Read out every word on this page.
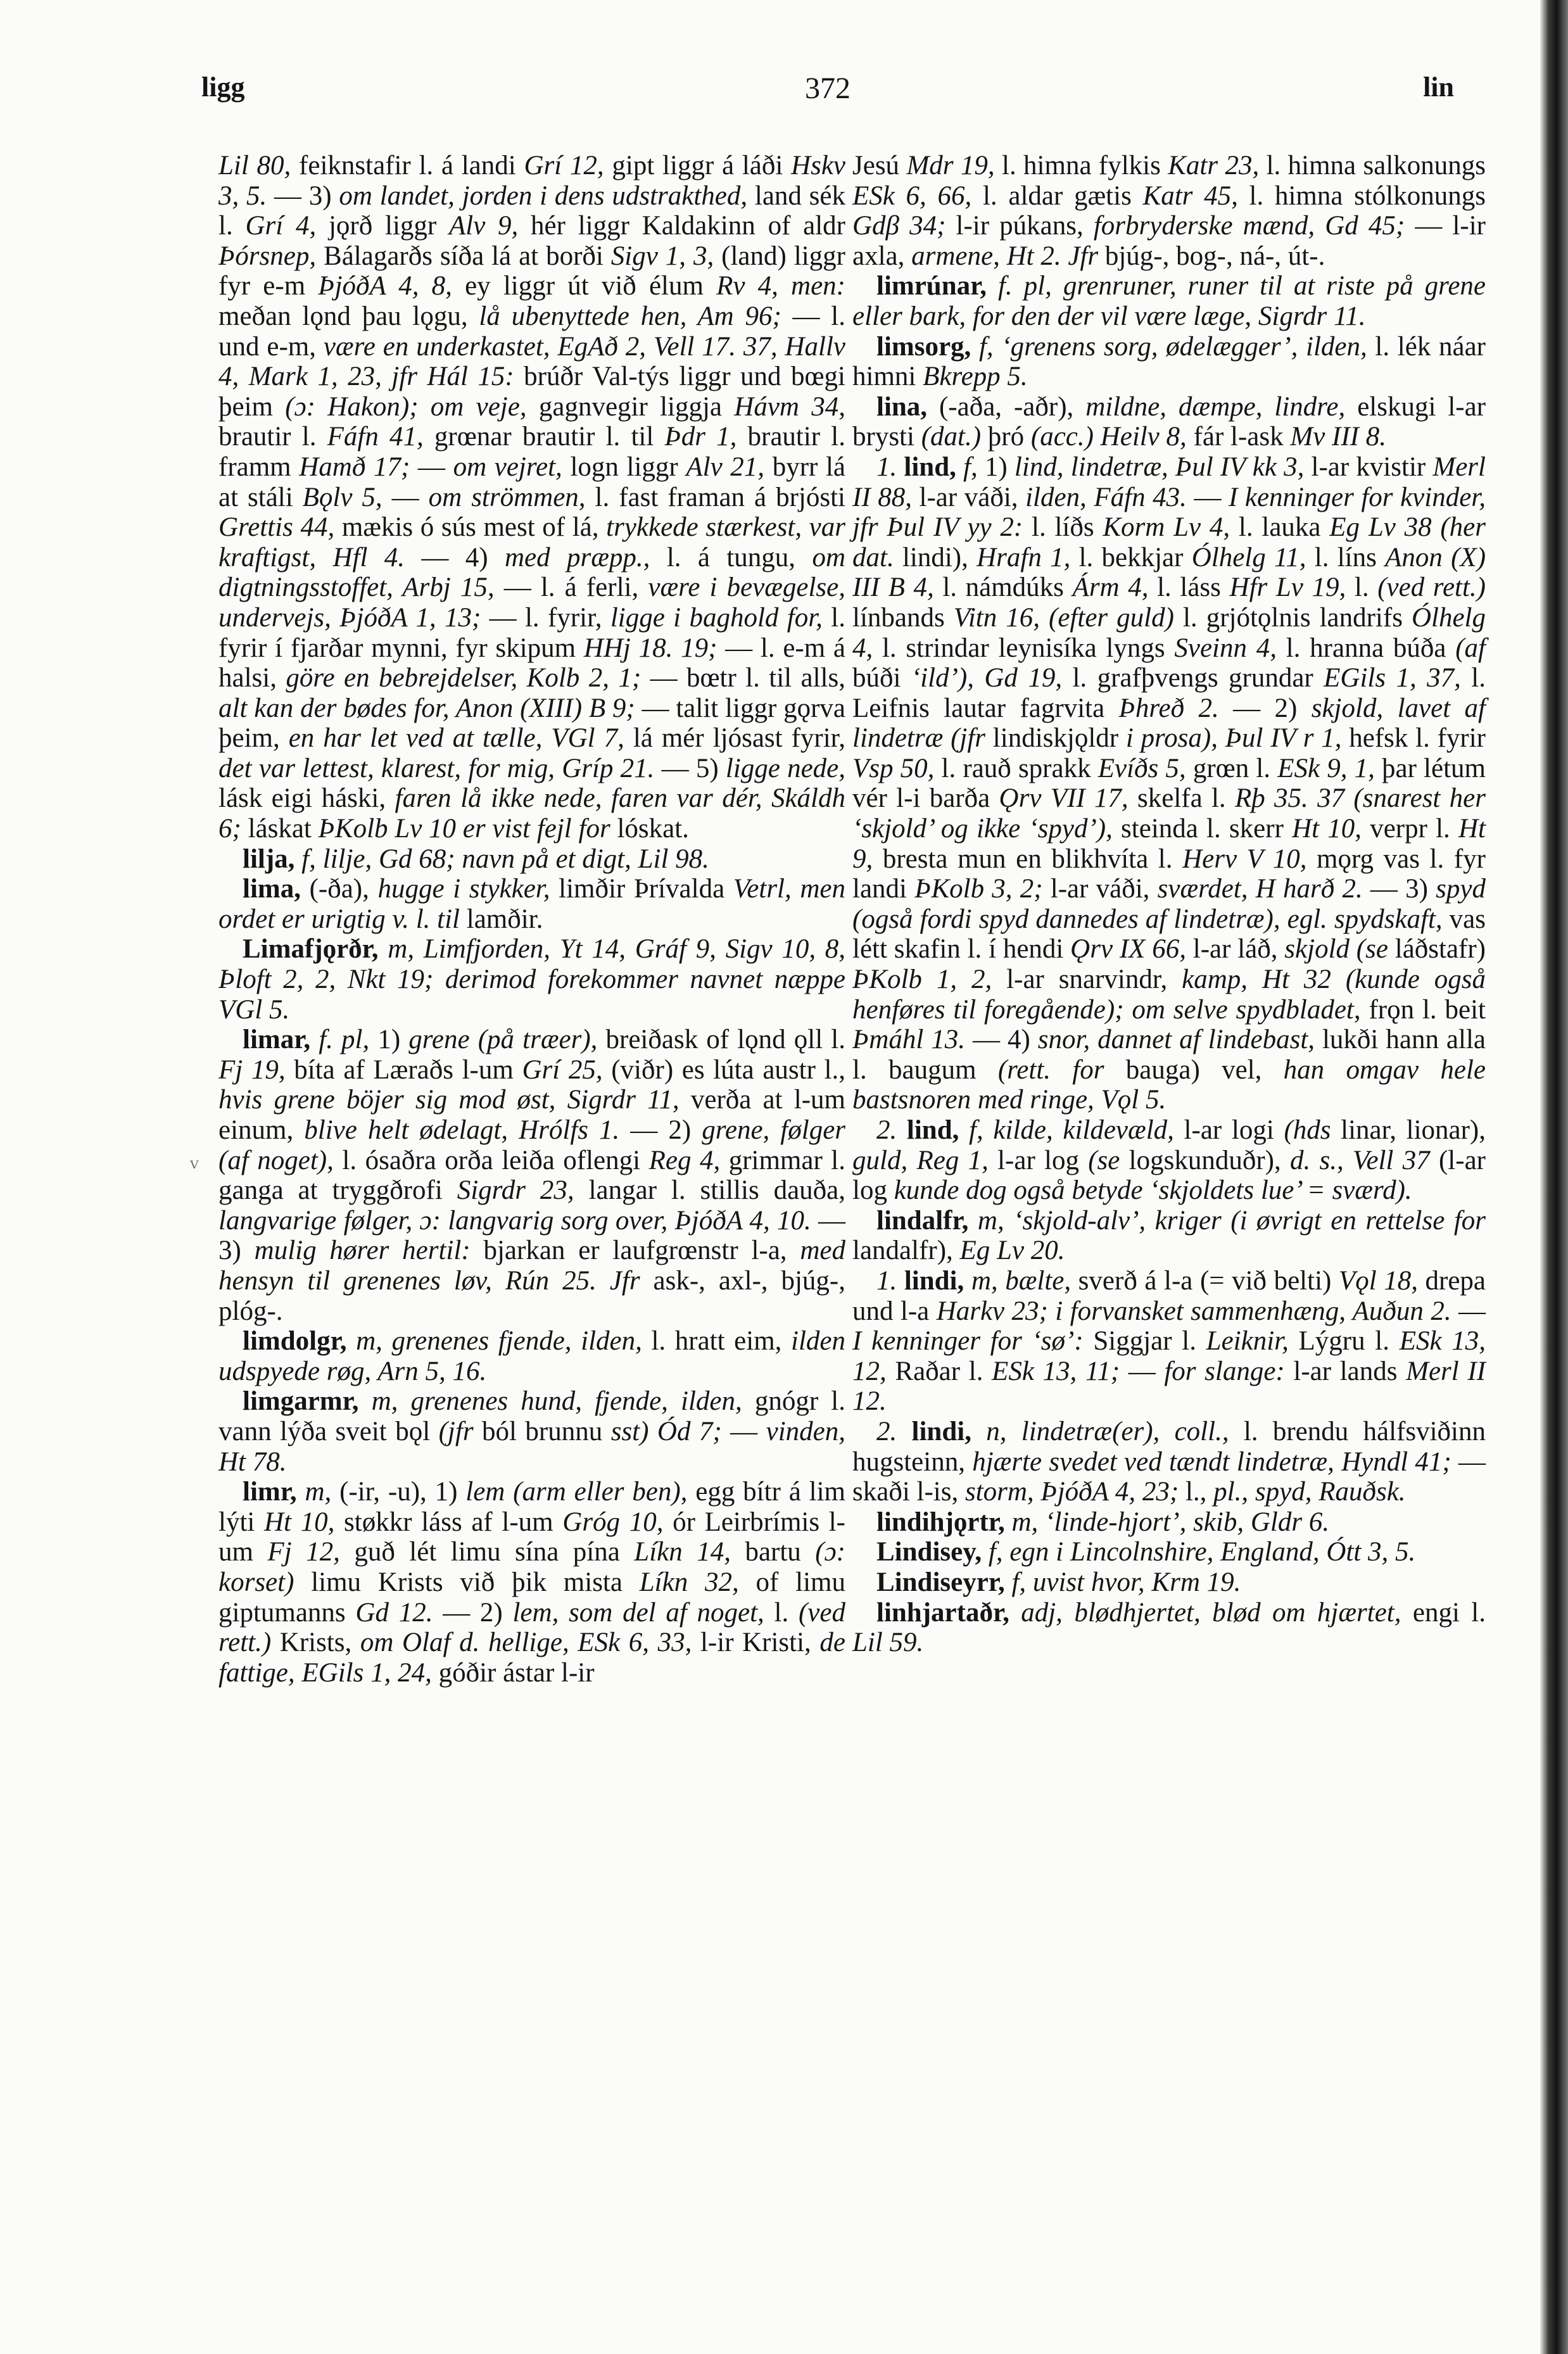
ligg	372	lin
ⱽ

Lil 80, feiknstafir l. á landi Grí 12, gipt liggr á láði Hskv 3, 5. — 3) om landet, jorden i dens udstrakthed, land sék l. Grí 4, jǫrð liggr Alv 9, hér liggr Kaldakinn of aldr Þórsnep, Bálagarðs síða lá at borði Sigv 1, 3, (land) liggr fyr e-m ÞjóðA 4, 8, ey liggr út við élum Rv 4, men: meðan lǫnd þau lǫgu, lå ubenyttede hen, Am 96; — l. und e-m, være en underkastet, EgAð 2, Vell 17. 37, Hallv 4, Mark 1, 23, jfr Hál 15: brúðr Val-týs liggr und bœgi þeim (ɔ: Hakon); om veje, gagnvegir liggja Hávm 34, brautir l. Fáfn 41, grœnar brautir l. til Þdr 1, brautir l. framm Hamð 17; — om vejret, logn liggr Alv 21, byrr lá at stáli Bǫlv 5, — om strömmen, l. fast framan á brjósti Grettis 44, mækis ó sús mest of lá, trykkede stærkest, var kraftigst, Hfl 4. — 4) med præpp., l. á tungu, om digtningsstoffet, Arbj 15, — l. á ferli, være i bevægelse, undervejs, ÞjóðA 1, 13; — l. fyrir, ligge i baghold for, l. fyrir í fjarðar mynni, fyr skipum HHj 18. 19; — l. e-m á halsi, göre en bebrejdelser, Kolb 2, 1; — bœtr l. til alls, alt kan der bødes for, Anon (XIII) B 9; — talit liggr gǫrva þeim, en har let ved at tælle, VGl 7, lá mér ljósast fyrir, det var lettest, klarest, for mig, Gríp 21. — 5) ligge nede, lásk eigi háski, faren lå ikke nede, faren var dér, Skáldh 6; láskat ÞKolb Lv 10 er vist fejl for lóskat.

lilja, f, lilje, Gd 68; navn på et digt, Lil 98.

lima, (-ða), hugge i stykker, limðir Þrívalda Vetrl, men ordet er urigtig v. l. til lamðir.

Limafjǫrðr, m, Limfjorden, Yt 14, Gráf 9, Sigv 10, 8, Þloft 2, 2, Nkt 19; derimod forekommer navnet næppe VGl 5.

limar, f. pl, 1) grene (på træer), breiðask of lǫnd ǫll l. Fj 19, bíta af Læraðs l-um Grí 25, (viðr) es lúta austr l., hvis grene böjer sig mod øst, Sigrdr 11, verða at l-um einum, blive helt ødelagt, Hrólfs 1. — 2) grene, følger (af noget), l. ósaðra orða leiða oflengi Reg 4, grimmar l. ganga at tryggðrofi Sigrdr 23, langar l. stillis dauða, langvarige følger, ɔ: langvarig sorg over, ÞjóðA 4, 10. — 3) mulig hører hertil: bjarkan er laufgrœnstr l-a, med hensyn til grenenes løv, Rún 25. Jfr ask-, axl-, bjúg-, plóg-.

limdolgr, m, grenenes fjende, ilden, l. hratt eim, ilden udspyede røg, Arn 5, 16.

limgarmr, m, grenenes hund, fjende, ilden, gnógr l. vann lýða sveit bǫl (jfr ból brunnu sst) Ód 7; — vinden, Ht 78.

limr, m, (-ir, -u), 1) lem (arm eller ben), egg bítr á lim lýti Ht 10, støkkr láss af l-um Gróg 10, ór Leirbrímis l-um Fj 12, guð lét limu sína pína Líkn 14, bartu (ɔ: korset) limu Krists við þik mista Líkn 32, of limu giptumanns Gd 12. — 2) lem, som del af noget, l. (ved rett.) Krists, om Olaf d. hellige, ESk 6, 33, l-ir Kristi, de fattige, EGils 1, 24, góðir ástar l-ir

Jesú Mdr 19, l. himna fylkis Katr 23, l. himna salkonungs ESk 6, 66, l. aldar gætis Katr 45, l. himna stólkonungs Gdβ 34; l-ir púkans, forbryderske mænd, Gd 45; — l-ir axla, armene, Ht 2. Jfr bjúg-, bog-, ná-, út-.

limrúnar, f. pl, grenruner, runer til at riste på grene eller bark, for den der vil være læge, Sigrdr 11.

limsorg, f, ‘grenens sorg, ødelægger’, ilden, l. lék náar himni Bkrepp 5.

lina, (-aða, -aðr), mildne, dæmpe, lindre, elskugi l-ar brysti (dat.) þró (acc.) Heilv 8, fár l-ask Mv III 8.

1. lind, f, 1) lind, lindetræ, Þul IV kk 3, l-ar kvistir Merl II 88, l-ar váði, ilden, Fáfn 43. — I kenninger for kvinder, jfr Þul IV yy 2: l. líðs Korm Lv 4, l. lauka Eg Lv 38 (her dat. lindi), Hrafn 1, l. bekkjar Ólhelg 11, l. líns Anon (X) III B 4, l. námdúks Árm 4, l. láss Hfr Lv 19, l. (ved rett.) línbands Vitn 16, (efter guld) l. grjótǫlnis landrifs Ólhelg 4, l. strindar leynisíka lyngs Sveinn 4, l. hranna búða (af búði ‘ild’), Gd 19, l. grafþvengs grundar EGils 1, 37, l. Leifnis lautar fagrvita Þhreð 2. — 2) skjold, lavet af lindetræ (jfr lindiskjǫldr i prosa), Þul IV r 1, hefsk l. fyrir Vsp 50, l. rauð sprakk Evíðs 5, grœn l. ESk 9, 1, þar létum vér l-i barða Ǫrv VII 17, skelfa l. Rþ 35. 37 (snarest her ‘skjold’ og ikke ‘spyd’), steinda l. skerr Ht 10, verpr l. Ht 9, bresta mun en blikhvíta l. Herv V 10, mǫrg vas l. fyr landi ÞKolb 3, 2; l-ar váði, sværdet, H harð 2. — 3) spyd (også fordi spyd dannedes af lindetræ), egl. spydskaft, vas létt skafin l. í hendi Ǫrv IX 66, l-ar láð, skjold (se láðstafr) ÞKolb 1, 2, l-ar snarvindr, kamp, Ht 32 (kunde også henføres til foregående); om selve spydbladet, frǫn l. beit Þmáhl 13. — 4) snor, dannet af lindebast, lukði hann alla l. baugum (rett. for bauga) vel, han omgav hele bastsnoren med ringe, Vǫl 5.

2. lind, f, kilde, kildevæld, l-ar logi (hds linar, lionar), guld, Reg 1, l-ar log (se logskunduðr), d. s., Vell 37 (l-ar log kunde dog også betyde ‘skjoldets lue’ = sværd).

lindalfr, m, ‘skjold-alv’, kriger (i øvrigt en rettelse for landalfr), Eg Lv 20.

1. lindi, m, bælte, sverð á l-a (= við belti) Vǫl 18, drepa und l-a Harkv 23; i forvansket sammenhæng, Auðun 2. — I kenninger for ‘sø’: Siggjar l. Leiknir, Lýgru l. ESk 13, 12, Raðar l. ESk 13, 11; — for slange: l-ar lands Merl II 12.

2. lindi, n, lindetræ(er), coll., l. brendu hálfsviðinn hugsteinn, hjærte svedet ved tændt lindetræ, Hyndl 41; — skaði l-is, storm, ÞjóðA 4, 23; l., pl., spyd, Rauðsk.

lindihjǫrtr, m, ‘linde-hjort’, skib, Gldr 6.

Lindisey, f, egn i Lincolnshire, England, Ótt 3, 5.

Lindiseyrr, f, uvist hvor, Krm 19.

linhjartaðr, adj, blødhjertet, blød om hjærtet, engi l. Lil 59.
